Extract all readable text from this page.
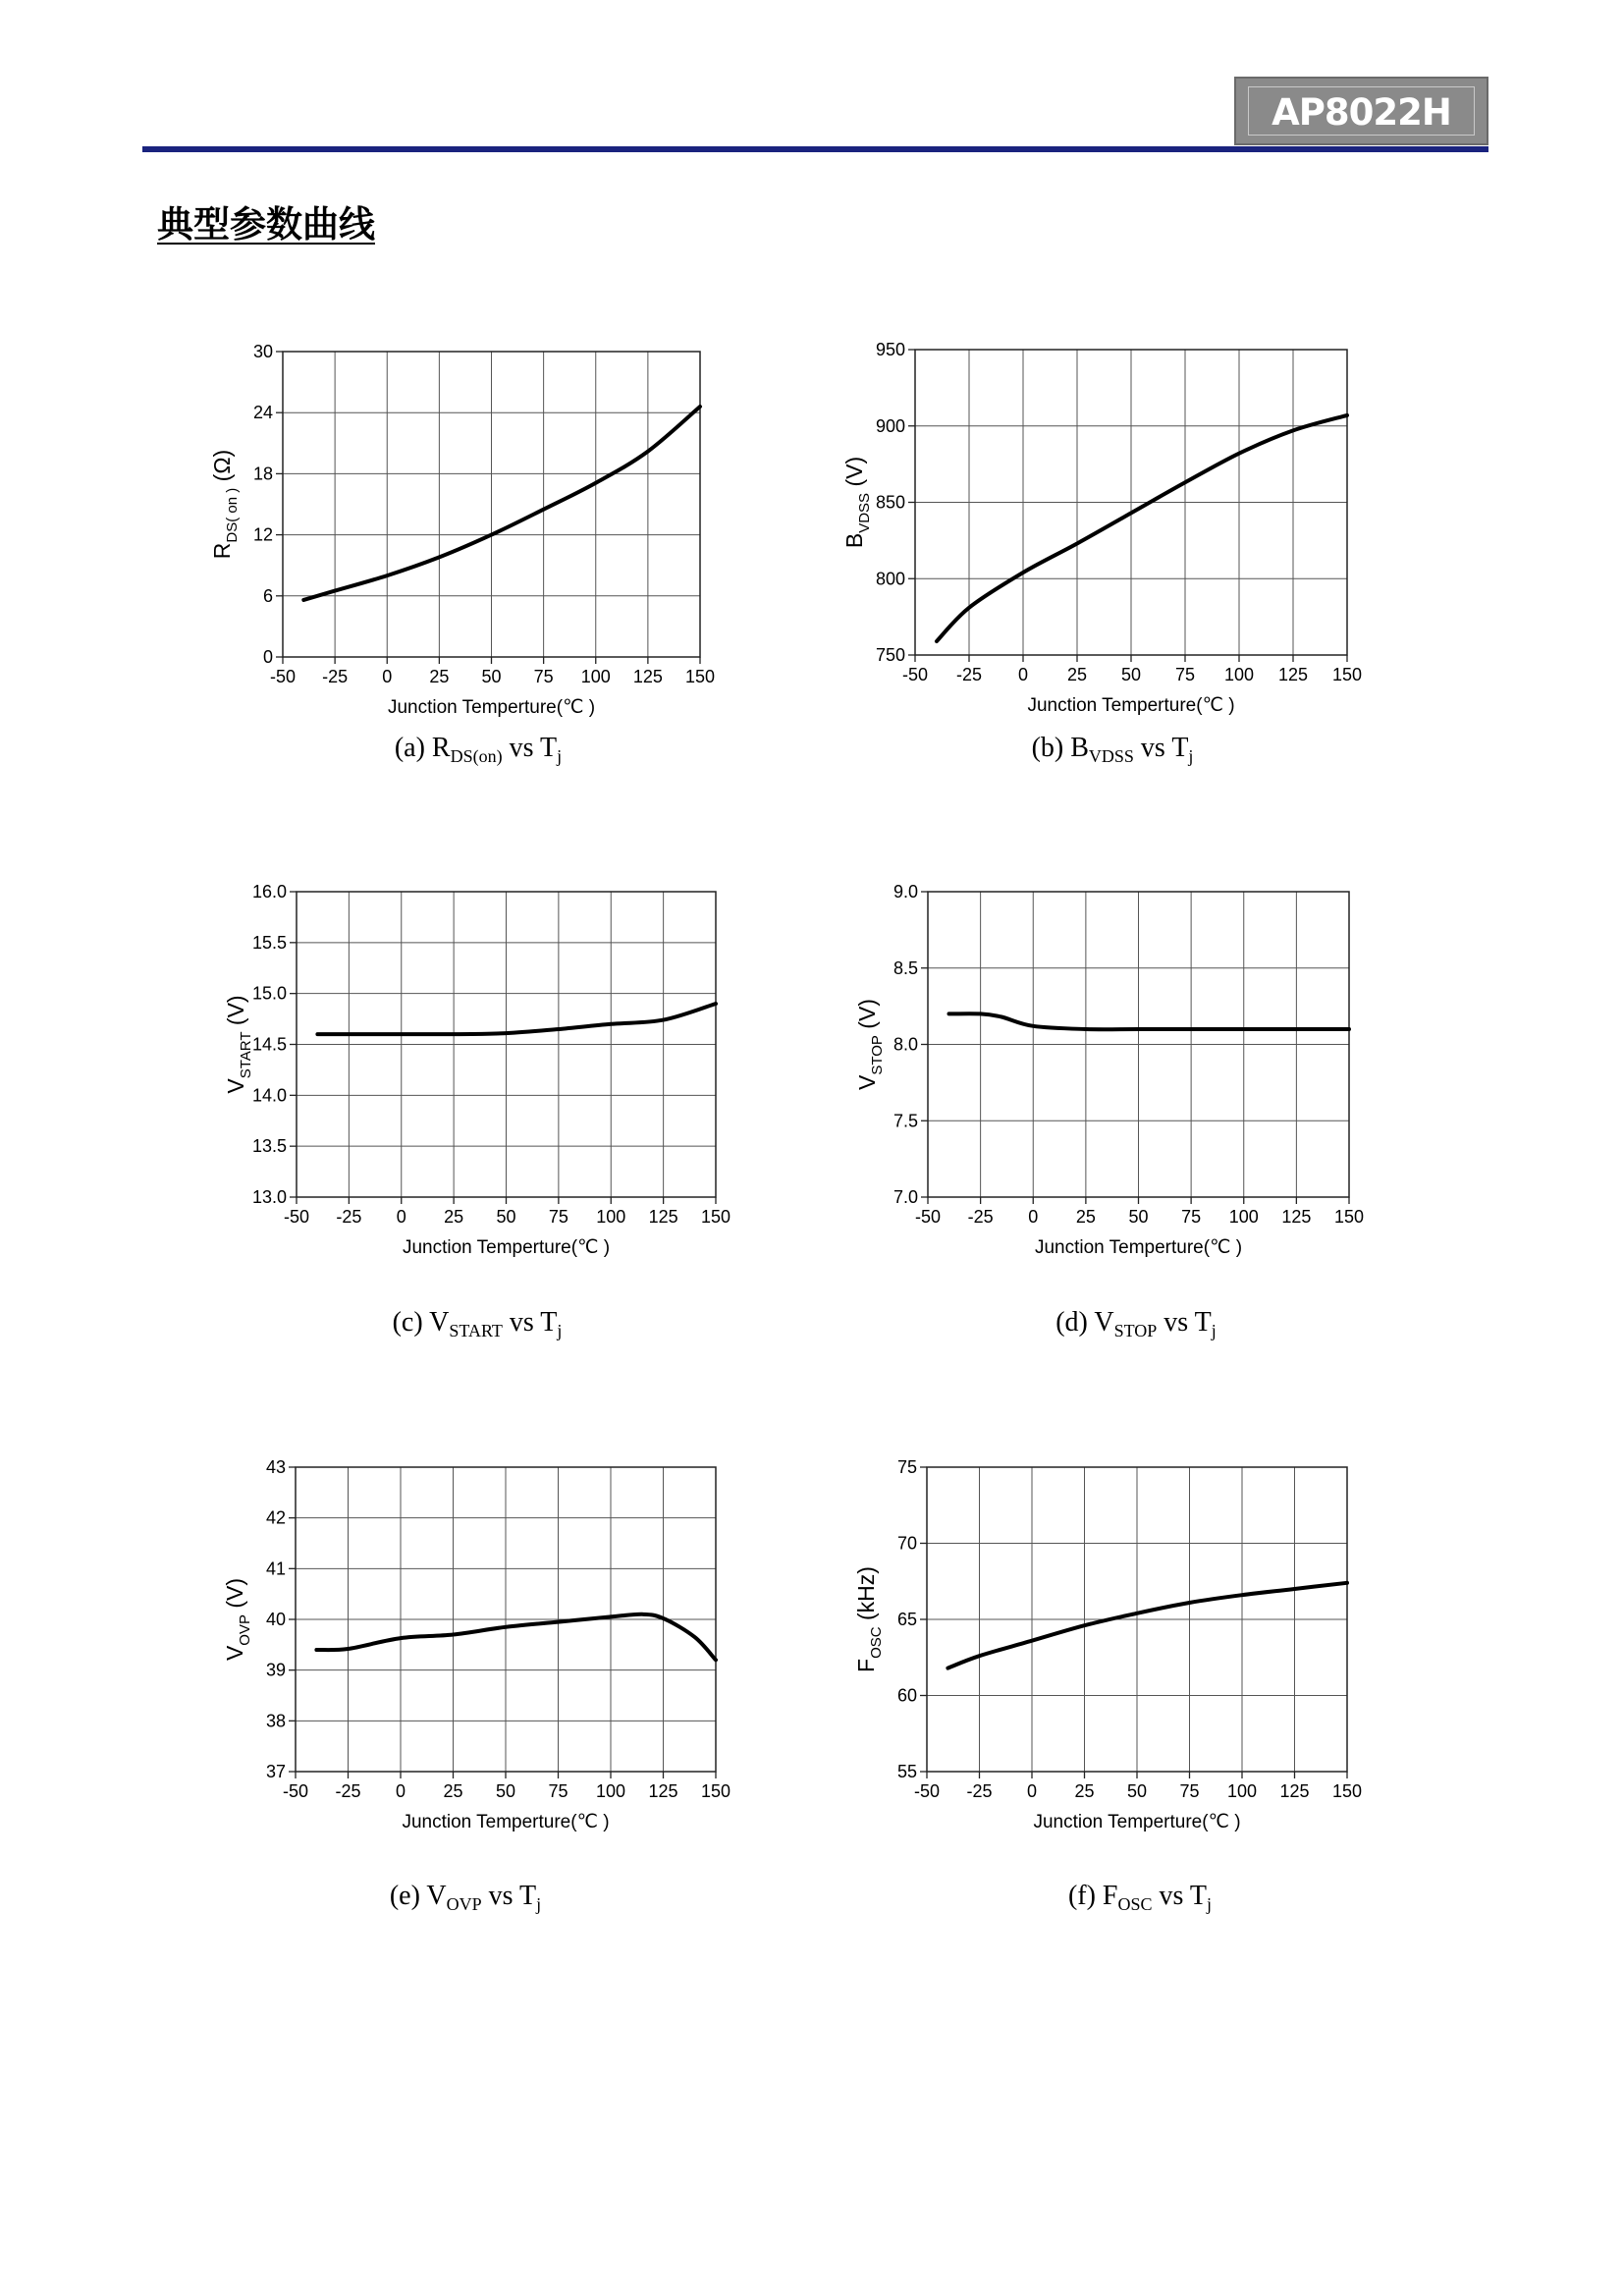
AP8022H
典型参数曲线
0
6
12
18
24
30
-50 -25 0 25 50 75 100 125 150
Junction Temperture(℃ )
$R_{DS( on )}$ (Ω)
750
800
850
900
950
-50 -25 0 25 50 75 100 125 150
Junction Temperture(℃ )
$B_{VDSS}$ (V)
13.0
13.5
14.0
14.5
15.0
15.5
16.0
-50 -25 0 25 50 75 100 125 150
Junction Temperture(℃ )
$V_{START}$ (V)
7.0
7.5
8.0
8.5
9.0
-50 -25 0 25 50 75 100 125 150
Junction Temperture(℃ )
$V_{STOP}$ (V)
37
38
39
40
41
42
43
-50 -25 0 25 50 75 100 125 150
Junction Temperture(℃ )
$V_{OVP}$ (V)
55
60
65
70
75
-50 -25 0 25 50 75 100 125 150
Junction Temperture(℃ )
$F_{OSC}$ (kHz)
(a) $R_{DS(on)}$ vs $T_j$	(b) $B_{VDSS}$ vs $T_j$
(c) $V_{START}$ vs $T_j$	(d) $V_{STOP}$ vs $T_j$
(e) $V_{OVP}$ vs $T_j$	(f) $F_{OSC}$ vs $T_j$
